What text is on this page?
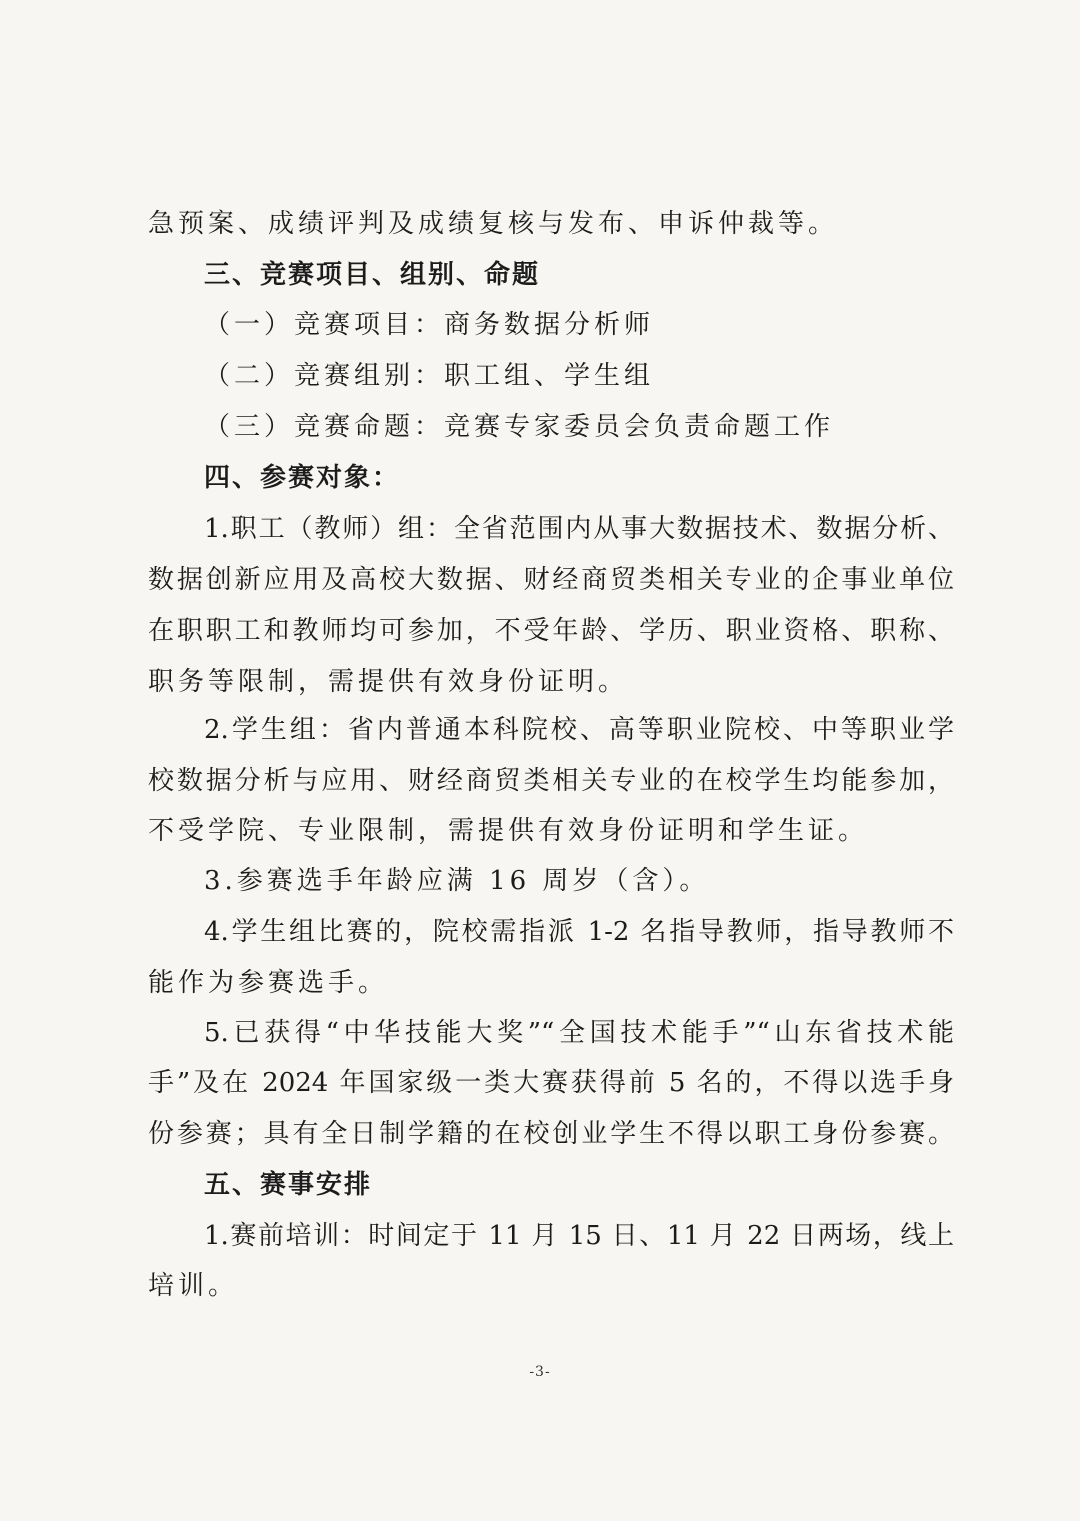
急预案、成绩评判及成绩复核与发布、申诉仲裁等。
三、竞赛项目、组别、命题
（一）竞赛项目：商务数据分析师
（二）竞赛组别：职工组、学生组
（三）竞赛命题：竞赛专家委员会负责命题工作
四、参赛对象：
1.职工（教师）组：全省范围内从事大数据技术、数据分析、
数据创新应用及高校大数据、财经商贸类相关专业的企事业单位
在职职工和教师均可参加，不受年龄、学历、职业资格、职称、
职务等限制，需提供有效身份证明。
2.学生组：省内普通本科院校、高等职业院校、中等职业学
校数据分析与应用、财经商贸类相关专业的在校学生均能参加，
不受学院、专业限制，需提供有效身份证明和学生证。
3.参赛选手年龄应满 16 周岁（含）。
4.学生组比赛的，院校需指派 1-2 名指导教师，指导教师不
能作为参赛选手。
5.已获得“中华技能大奖”“全国技术能手”“山东省技术能
手”及在 2024 年国家级一类大赛获得前 5 名的，不得以选手身
份参赛；具有全日制学籍的在校创业学生不得以职工身份参赛。
五、赛事安排
1.赛前培训：时间定于 11 月 15 日、11 月 22 日两场，线上
培训。
-3-
